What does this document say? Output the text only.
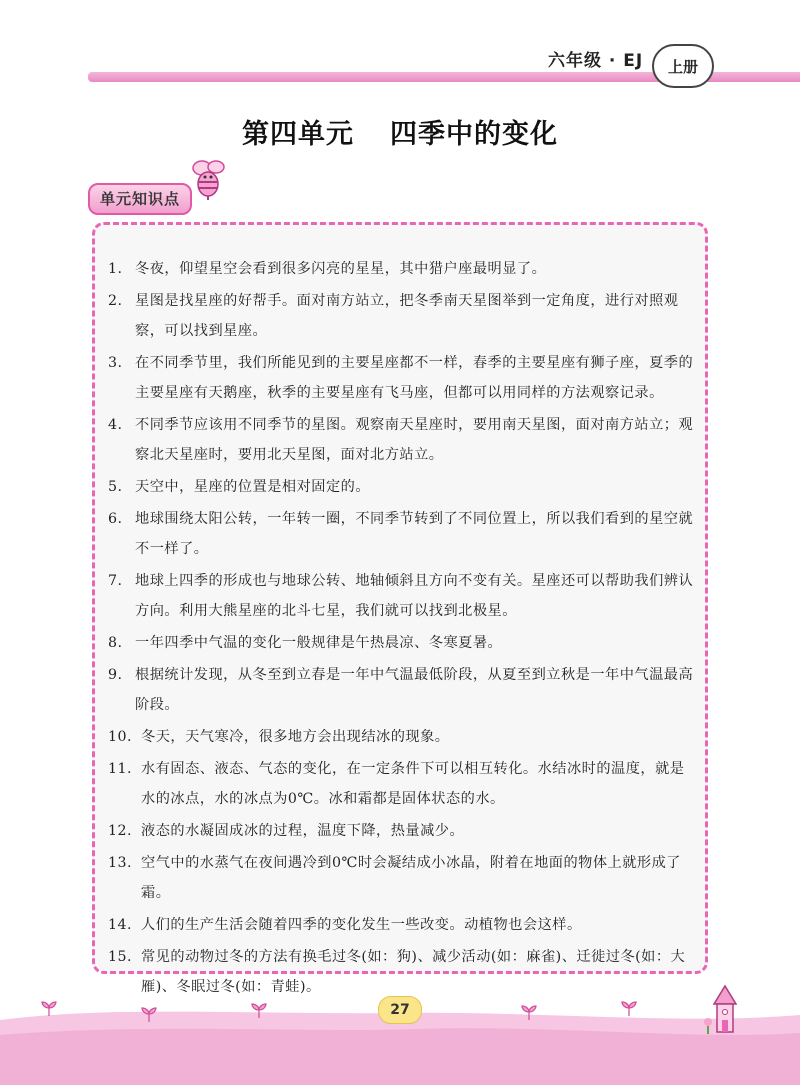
六年级 · EJ 上册
第四单元 四季中的变化
单元知识点
1. 冬夜，仰望星空会看到很多闪亮的星星，其中猎户座最明显了。
2. 星图是找星座的好帮手。面对南方站立，把冬季南天星图举到一定角度，进行对照观察，可以找到星座。
3. 在不同季节里，我们所能见到的主要星座都不一样，春季的主要星座有狮子座，夏季的主要星座有天鹅座，秋季的主要星座有飞马座，但都可以用同样的方法观察记录。
4. 不同季节应该用不同季节的星图。观察南天星座时，要用南天星图，面对南方站立；观察北天星座时，要用北天星图，面对北方站立。
5. 天空中，星座的位置是相对固定的。
6. 地球围绕太阳公转，一年转一圈，不同季节转到了不同位置上，所以我们看到的星空就不一样了。
7. 地球上四季的形成也与地球公转、地轴倾斜且方向不变有关。星座还可以帮助我们辨认方向。利用大熊星座的北斗七星，我们就可以找到北极星。
8. 一年四季中气温的变化一般规律是午热晨凉、冬寒夏暑。
9. 根据统计发现，从冬至到立春是一年中气温最低阶段，从夏至到立秋是一年中气温最高阶段。
10. 冬天，天气寒冷，很多地方会出现结冰的现象。
11. 水有固态、液态、气态的变化，在一定条件下可以相互转化。水结冰时的温度，就是水的冰点，水的冰点为0℃。冰和霜都是固体状态的水。
12. 液态的水凝固成冰的过程，温度下降，热量减少。
13. 空气中的水蒸气在夜间遇冷到0℃时会凝结成小冰晶，附着在地面的物体上就形成了霜。
14. 人们的生产生活会随着四季的变化发生一些改变。动植物也会这样。
15. 常见的动物过冬的方法有换毛过冬(如：狗)、减少活动(如：麻雀)、迁徙过冬(如：大雁)、冬眠过冬(如：青蛙)。
27
